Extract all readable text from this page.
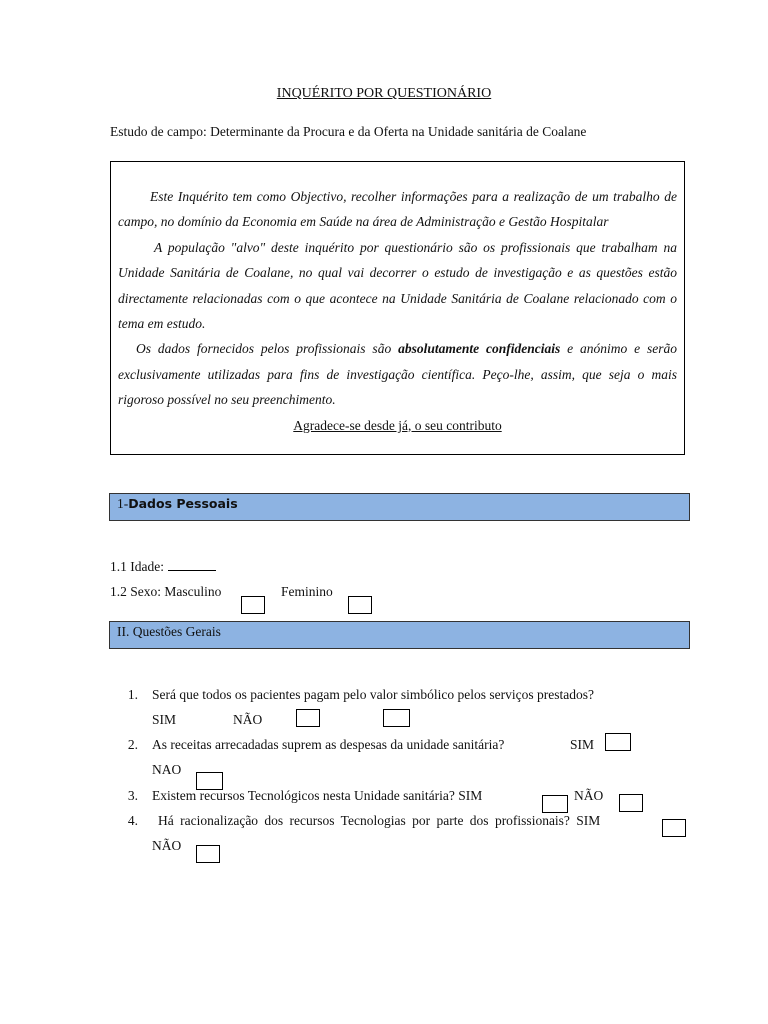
INQUÉRITO POR QUESTIONÁRIO
Estudo de campo: Determinante da Procura e da Oferta na Unidade sanitária de Coalane

Este Inquérito tem como Objectivo, recolher informações para a realização de um trabalho de campo, no domínio da Economia em Saúde na área de Administração e Gestão Hospitalar

A população "alvo" deste inquérito por questionário são os profissionais que trabalham na Unidade Sanitária de Coalane, no qual vai decorrer o estudo de investigação e as questões estão directamente relacionadas com o que acontece na Unidade Sanitária de Coalane relacionado com o tema em estudo.

Os dados fornecidos pelos profissionais são absolutamente confidenciais e anónimo e serão exclusivamente utilizadas para fins de investigação científica. Peço-lhe, assim, que seja o mais rigoroso possível no seu preenchimento.

Agradece-se desde já, o seu contributo

1-Dados Pessoais
1.1 Idade:
1.2 Sexo: Masculino	Feminino
II. Questões Gerais
1. Será que todos os pacientes pagam pelo valor simbólico pelos serviços prestados?
SIM	NÃO
2. As receitas arrecadadas suprem as despesas da unidade sanitária?	SIM
NAO
3. Existem recursos Tecnológicos nesta Unidade sanitária? SIM	NÃO
4. Há racionalização dos recursos Tecnologias por parte dos profissionais? SIM
NÃO
